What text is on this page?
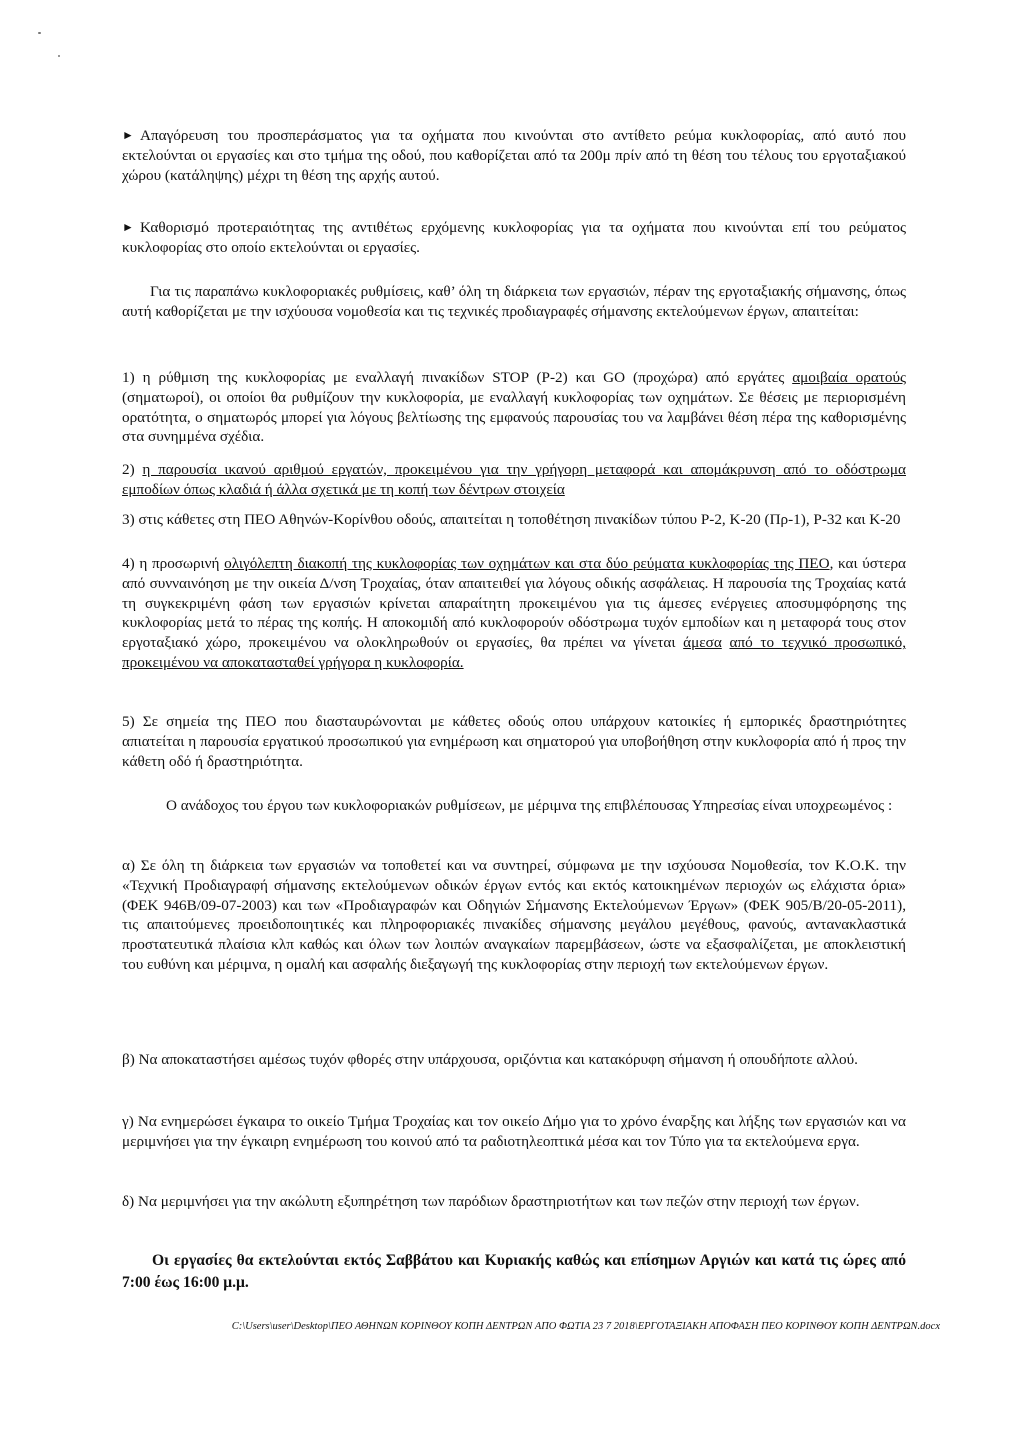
► Απαγόρευση του προσπεράσματος για τα οχήματα που κινούνται στο αντίθετο ρεύμα κυκλοφορίας, από αυτό που εκτελούνται οι εργασίες και στο τμήμα της οδού, που καθορίζεται από τα 200μ πρίν από τη θέση του τέλους του εργοταξιακού χώρου (κατάληψης) μέχρι τη θέση της αρχής αυτού.
► Καθορισμό προτεραιότητας της αντιθέτως ερχόμενης κυκλοφορίας για τα οχήματα που κινούνται επί του ρεύματος κυκλοφορίας στο οποίο εκτελούνται οι εργασίες.
Για τις παραπάνω κυκλοφοριακές ρυθμίσεις, καθ’ όλη τη διάρκεια των εργασιών, πέραν της εργοταξιακής σήμανσης, όπως αυτή καθορίζεται με την ισχύουσα νομοθεσία και τις τεχνικές προδιαγραφές σήμανσης εκτελούμενων έργων, απαιτείται:
1) η ρύθμιση της κυκλοφορίας με εναλλαγή πινακίδων STOP (Ρ-2) και GO (προχώρα) από εργάτες αμοιβαία ορατούς (σηματωροί), οι οποίοι θα ρυθμίζουν την κυκλοφορία, με εναλλαγή κυκλοφορίας των οχημάτων. Σε θέσεις με περιορισμένη ορατότητα, ο σηματωρός μπορεί για λόγους βελτίωσης της εμφανούς παρουσίας του να λαμβάνει θέση πέρα της καθορισμένης στα συνημμένα σχέδια.
2) η παρουσία ικανού αριθμού εργατών, προκειμένου για την γρήγορη μεταφορά και απομάκρυνση από το οδόστρωμα εμποδίων όπως κλαδιά ή άλλα σχετικά με τη κοπή των δέντρων στοιχεία
3) στις κάθετες στη ΠΕΟ Αθηνών-Κορίνθου οδούς, απαιτείται η τοποθέτηση πινακίδων τύπου Ρ-2, Κ-20 (Πρ-1), Ρ-32 και Κ-20
4) η προσωρινή ολιγόλεπτη διακοπή της κυκλοφορίας των οχημάτων και στα δύο ρεύματα κυκλοφορίας της ΠΕΟ, και ύστερα από συνναινόηση με την οικεία Δ/νση Τροχαίας, όταν απαιτειθεί για λόγους οδικής ασφάλειας. Η παρουσία της Τροχαίας κατά τη συγκεκριμένη φάση των εργασιών κρίνεται απαραίτητη προκειμένου για τις άμεσες ενέργειες αποσυμφόρησης της κυκλοφορίας μετά το πέρας της κοπής. Η αποκομιδή από κυκλοφορούν οδόστρωμα τυχόν εμποδίων και η μεταφορά τους στον εργοταξιακό χώρο, προκειμένου να ολοκληρωθούν οι εργασίες, θα πρέπει να γίνεται άμεσα από το τεχνικό προσωπικό, προκειμένου να αποκατασταθεί γρήγορα η κυκλοφορία.
5) Σε σημεία της ΠΕΟ που διασταυρώνονται με κάθετες οδούς οπου υπάρχουν κατοικίες ή εμπορικές δραστηριότητες απιατείται η παρουσία εργατικού προσωπικού για ενημέρωση και σηματορού για υποβοήθηση στην κυκλοφορία από ή προς την κάθετη οδό ή δραστηριότητα.
Ο ανάδοχος του έργου των κυκλοφοριακών ρυθμίσεων, με μέριμνα της επιβλέπουσας Υπηρεσίας είναι υποχρεωμένος :
α) Σε όλη τη διάρκεια των εργασιών να τοποθετεί και να συντηρεί, σύμφωνα με την ισχύουσα Νομοθεσία, τον Κ.Ο.Κ. την «Τεχνική Προδιαγραφή σήμανσης εκτελούμενων οδικών έργων εντός και εκτός κατοικημένων περιοχών ως ελάχιστα όρια» (ΦΕΚ 946Β/09-07-2003) και των «Προδιαγραφών και Οδηγιών Σήμανσης Εκτελούμενων Έργων» (ΦΕΚ 905/Β/20-05-2011), τις απαιτούμενες προειδοποιητικές και πληροφοριακές πινακίδες σήμανσης μεγάλου μεγέθους, φανούς, αντανακλαστικά προστατευτικά πλαίσια κλπ καθώς και όλων των λοιπών αναγκαίων παρεμβάσεων, ώστε να εξασφαλίζεται, με αποκλειστική του ευθύνη και μέριμνα, η ομαλή και ασφαλής διεξαγωγή της κυκλοφορίας στην περιοχή των εκτελούμενων έργων.
β) Να αποκαταστήσει αμέσως τυχόν φθορές στην υπάρχουσα, οριζόντια και κατακόρυφη σήμανση ή οπουδήποτε αλλού.
γ) Να ενημερώσει έγκαιρα το οικείο Τμήμα Τροχαίας και τον οικείο Δήμο για το χρόνο έναρξης και λήξης των εργασιών και να μεριμνήσει για την έγκαιρη ενημέρωση του κοινού από τα ραδιοτηλεοπτικά μέσα και τον Τύπο για τα εκτελούμενα εργα.
δ) Να μεριμνήσει για την ακώλυτη εξυπηρέτηση των παρόδιων δραστηριοτήτων και των πεζών στην περιοχή των έργων.
Οι εργασίες θα εκτελούνται εκτός Σαββάτου και Κυριακής καθώς και επίσημων Αργιών και κατά τις ώρες από 7:00 έως 16:00 μ.μ.
C:\Users\user\Desktop\ΠΕΟ ΑΘΗΝΩΝ ΚΟΡΙΝΘΟΥ ΚΟΠΗ ΔΕΝΤΡΩΝ ΑΠΟ ΦΩΤΙΑ 23 7 2018\ΕΡΓΟΤΑΞΙΑΚΗ ΑΠΟΦΑΣΗ ΠΕΟ ΚΟΡΙΝΘΟΥ ΚΟΠΗ ΔΕΝΤΡΩΝ.docx
